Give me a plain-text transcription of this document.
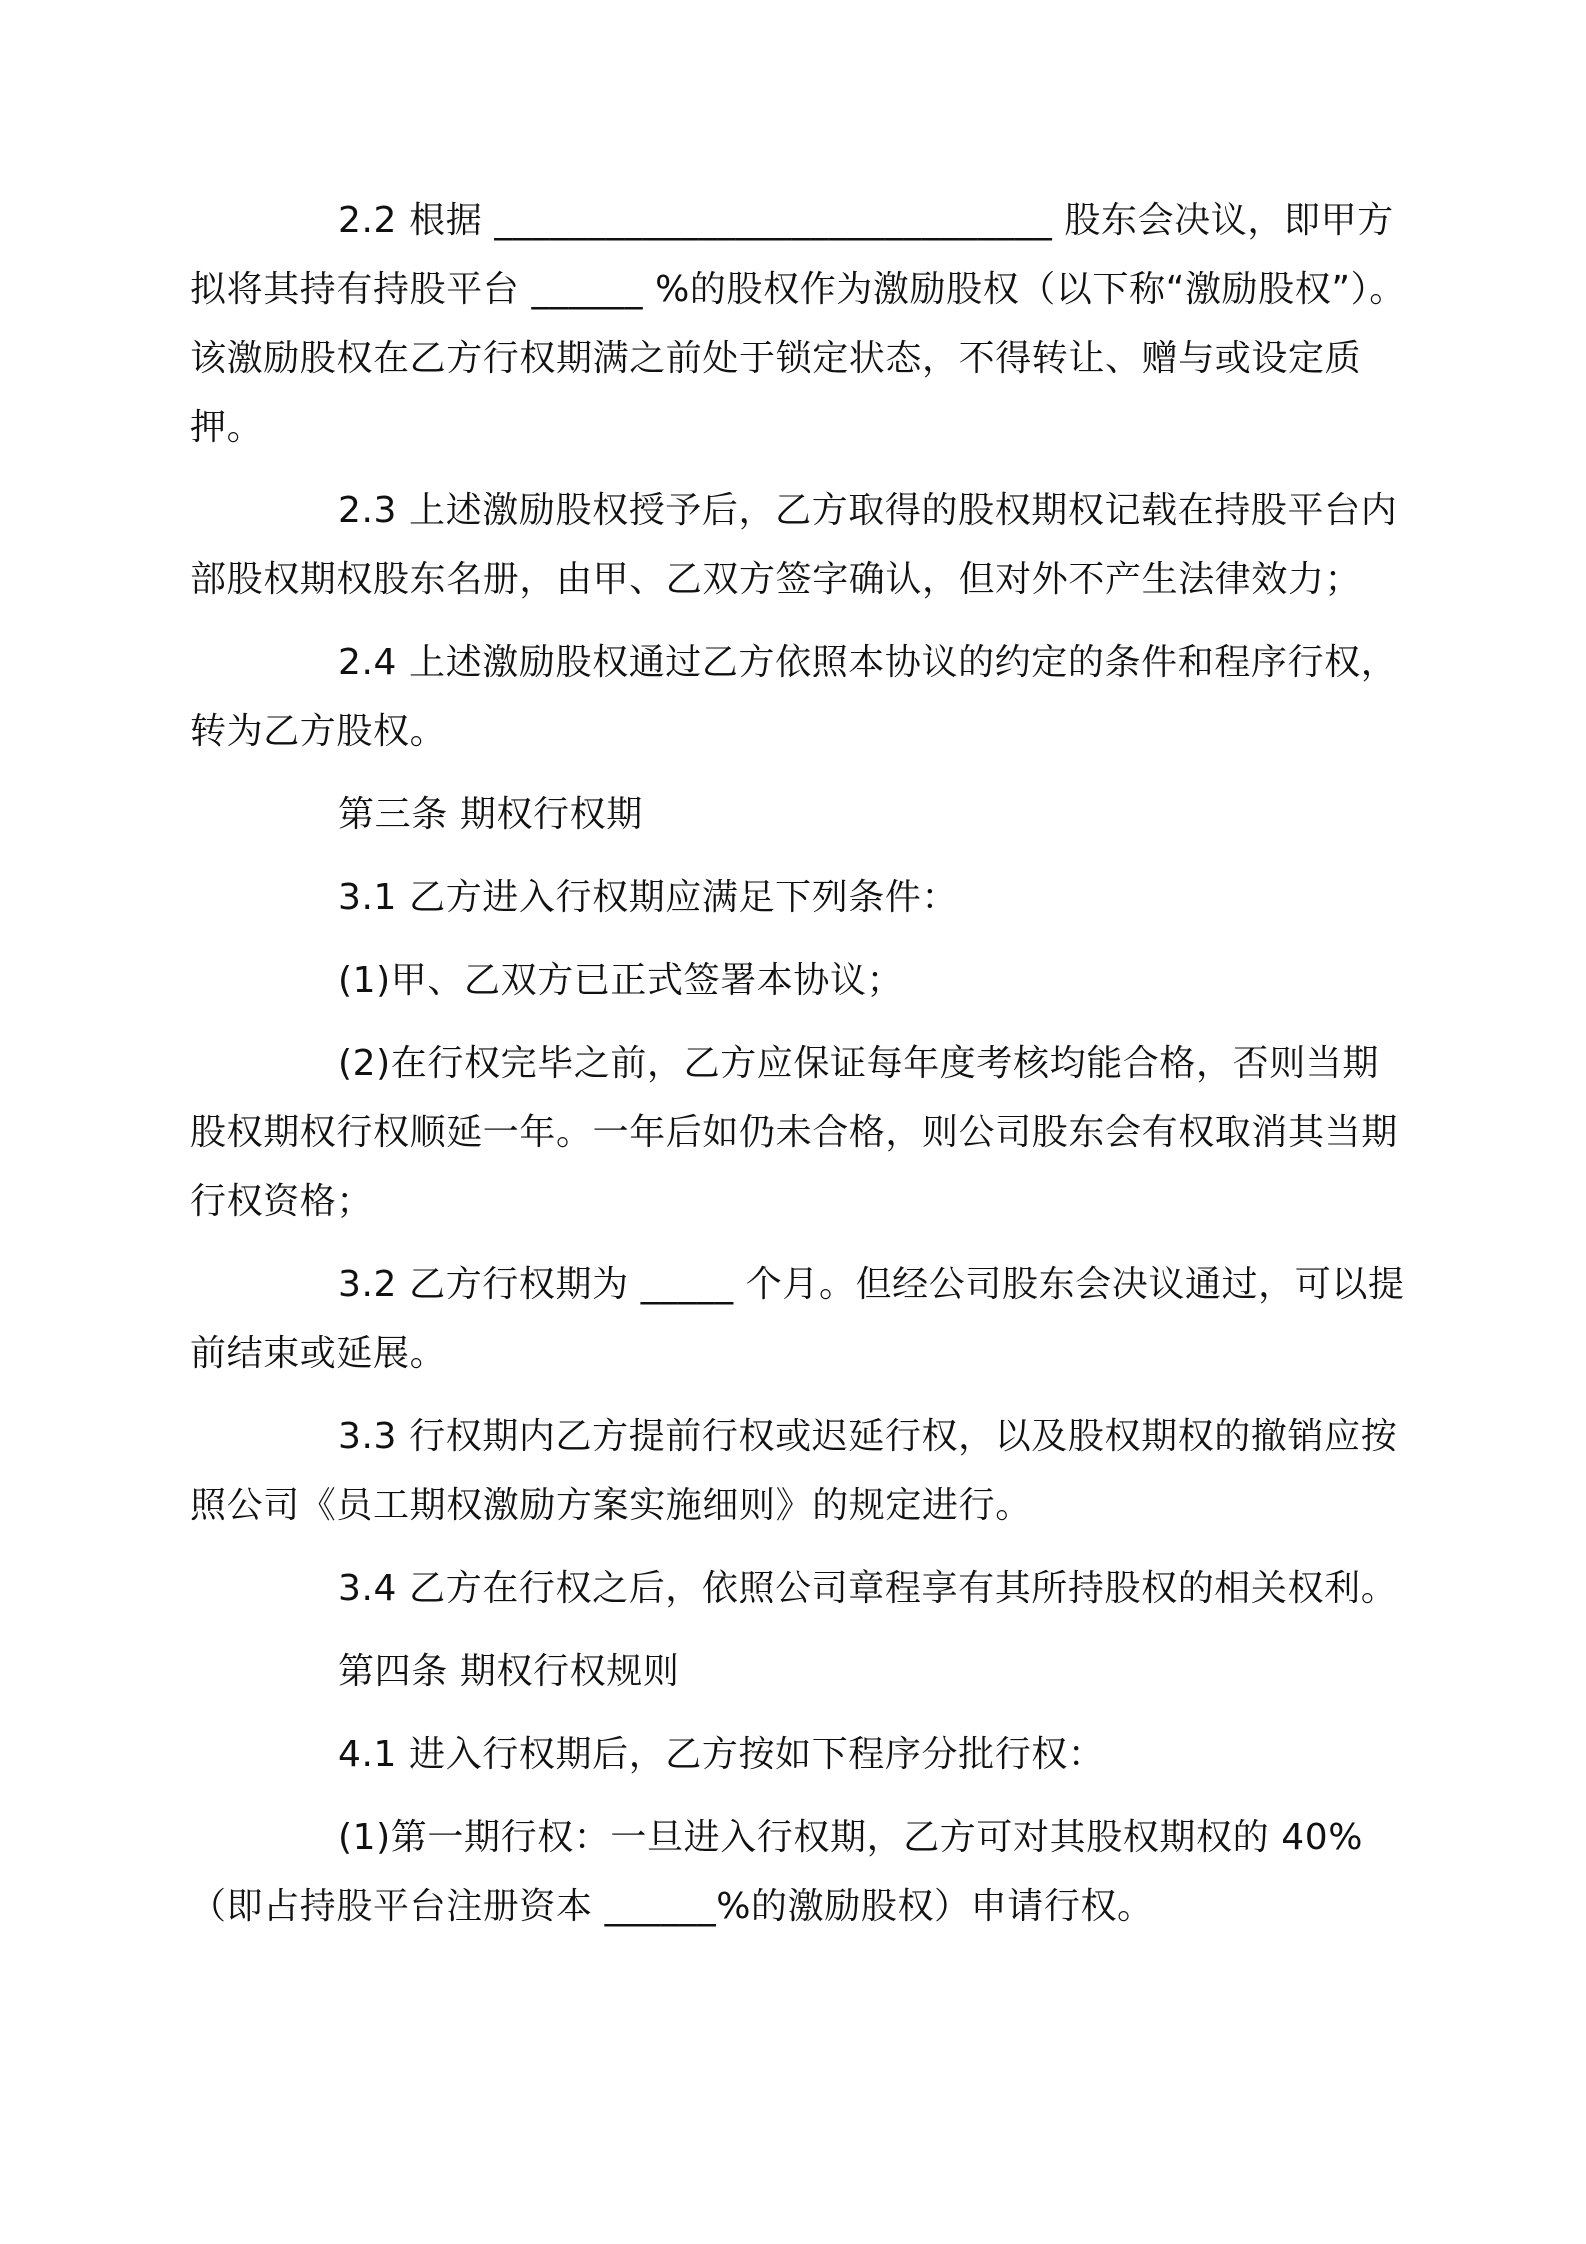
2.2 根据 ______________________________ 股东会决议，即甲方拟将其持有持股平台 ______ %的股权作为激励股权（以下称“激励股权”）。该激励股权在乙方行权期满之前处于锁定状态，不得转让、赠与或设定质押。

2.3 上述激励股权授予后，乙方取得的股权期权记载在持股平台内部股权期权股东名册，由甲、乙双方签字确认，但对外不产生法律效力；

2.4 上述激励股权通过乙方依照本协议的约定的条件和程序行权，转为乙方股权。

第三条 期权行权期

3.1 乙方进入行权期应满足下列条件：

(1)甲、乙双方已正式签署本协议；

(2)在行权完毕之前，乙方应保证每年度考核均能合格，否则当期股权期权行权顺延一年。一年后如仍未合格，则公司股东会有权取消其当期行权资格；

3.2 乙方行权期为 _____ 个月。但经公司股东会决议通过，可以提前结束或延展。

3.3 行权期内乙方提前行权或迟延行权，以及股权期权的撤销应按照公司《员工期权激励方案实施细则》的规定进行。

3.4 乙方在行权之后，依照公司章程享有其所持股权的相关权利。

第四条 期权行权规则

4.1 进入行权期后，乙方按如下程序分批行权：

(1)第一期行权：一旦进入行权期，乙方可对其股权期权的 40%（即占持股平台注册资本 ______%的激励股权）申请行权。
